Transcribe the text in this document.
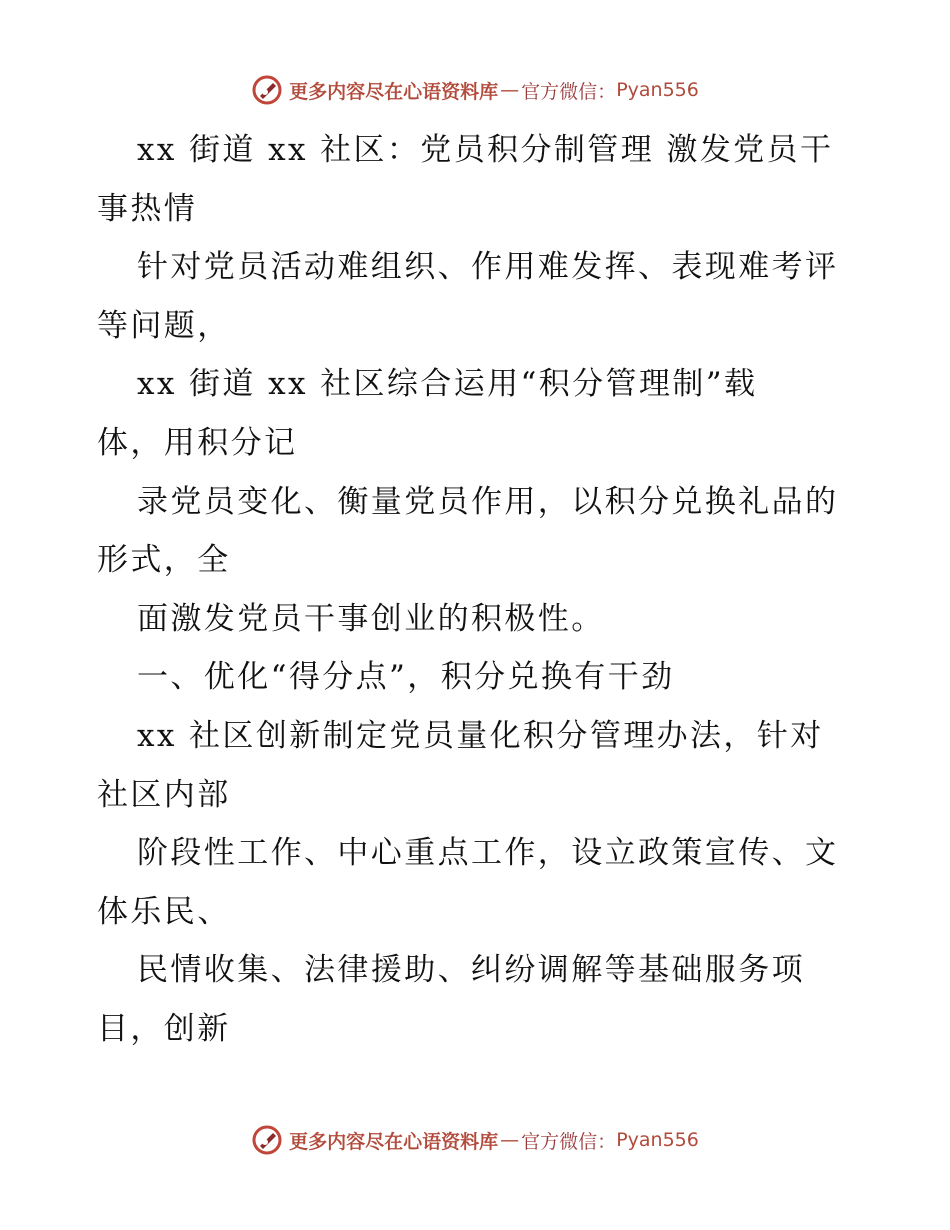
更多内容尽在心语资料库 — 官方微信： Pyan556
xx 街道 xx 社区：党员积分制管理 激发党员干
事热情
针对党员活动难组织、作用难发挥、表现难考评
等问题，
xx 街道 xx 社区综合运用“积分管理制”载
体，用积分记
录党员变化、衡量党员作用，以积分兑换礼品的
形式，全
面激发党员干事创业的积极性。
一、优化“得分点”，积分兑换有干劲
xx 社区创新制定党员量化积分管理办法，针对
社区内部
阶段性工作、中心重点工作，设立政策宣传、文
体乐民、
民情收集、法律援助、纠纷调解等基础服务项
目，创新
更多内容尽在心语资料库 — 官方微信： Pyan556
